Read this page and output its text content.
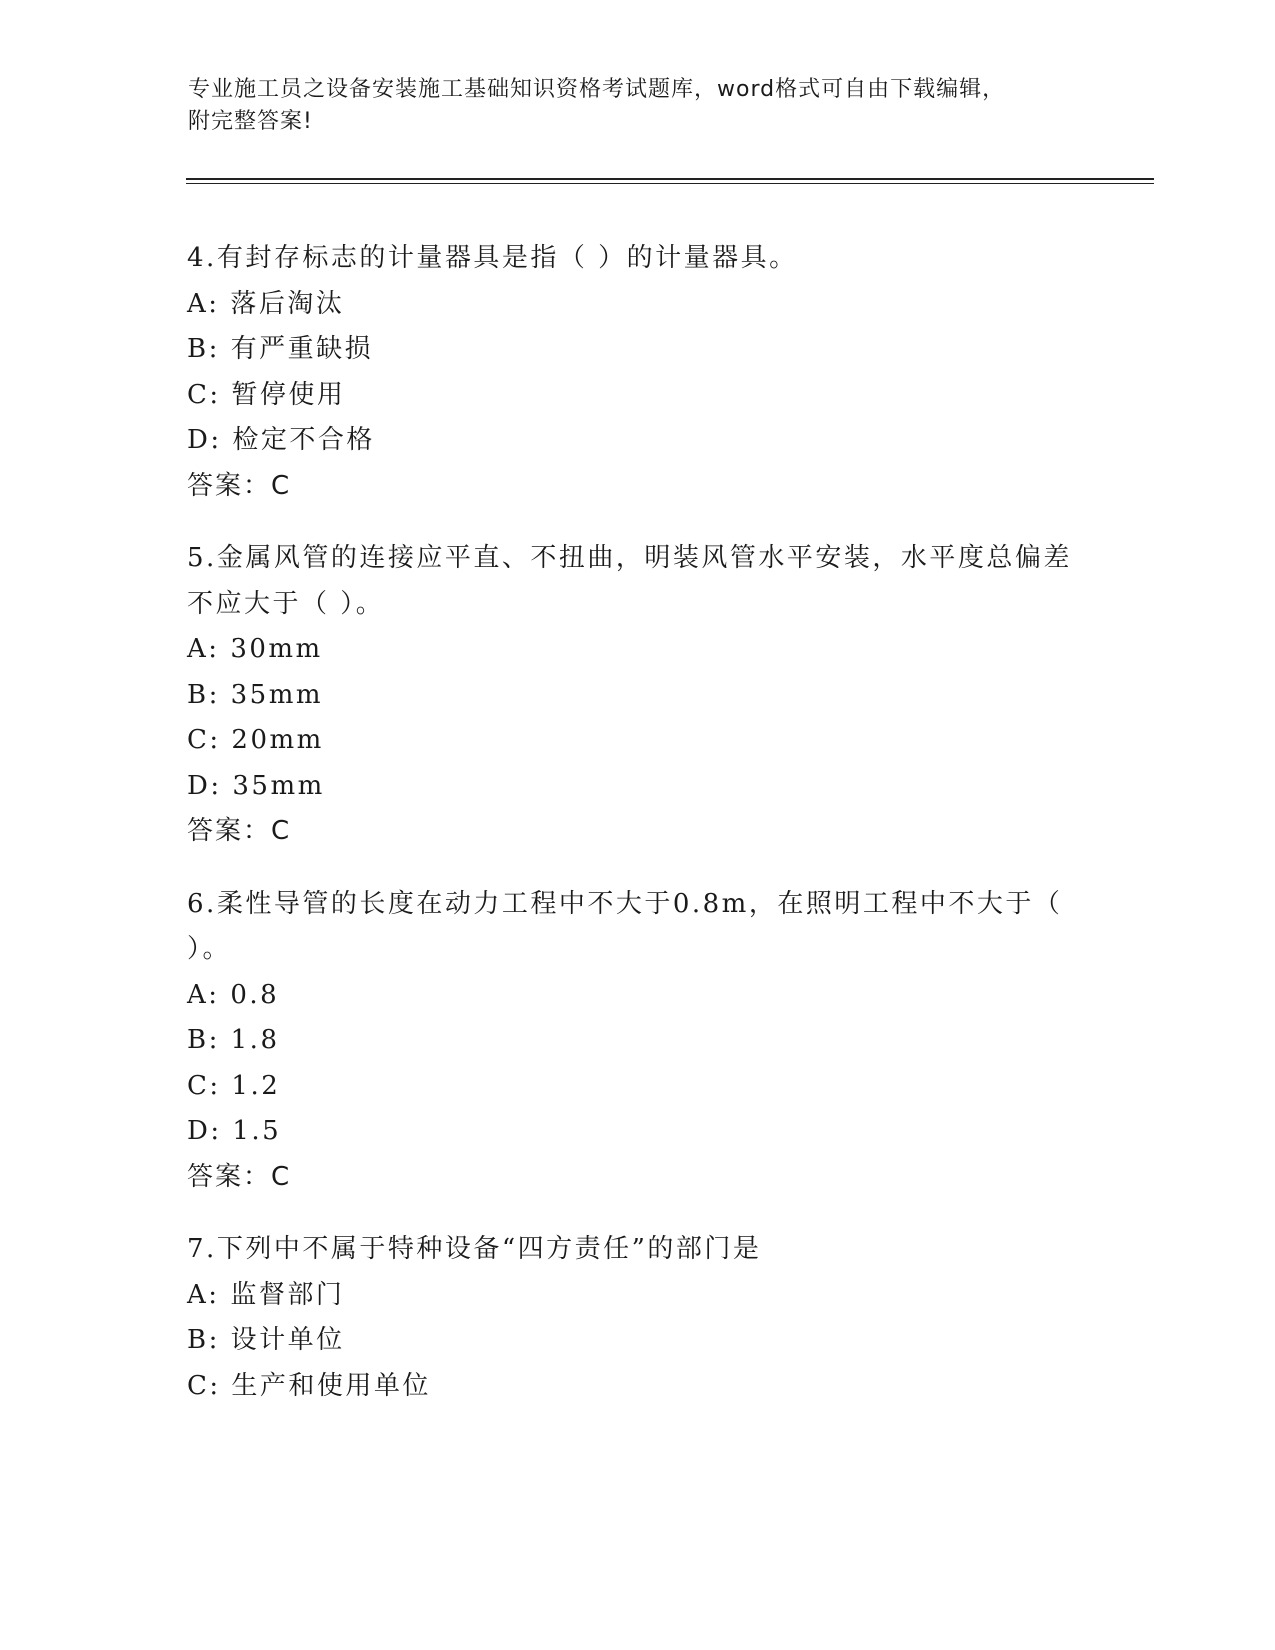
专业施工员之设备安装施工基础知识资格考试题库，word格式可自由下载编辑，
附完整答案!

4.有封存标志的计量器具是指（ ）的计量器具。

A: 落后淘汰
B: 有严重缺损
C: 暂停使用
D: 检定不合格
答案：C

5.金属风管的连接应平直、不扭曲，明装风管水平安装，水平度总偏差不应大于（ ）。

A: 30mm
B: 35mm
C: 20mm
D: 35mm
答案：C

6.柔性导管的长度在动力工程中不大于0.8m，在照明工程中不大于（ ）。

A: 0.8
B: 1.8
C: 1.2
D: 1.5
答案：C

7.下列中不属于特种设备“四方责任”的部门是

A: 监督部门
B: 设计单位
C: 生产和使用单位
